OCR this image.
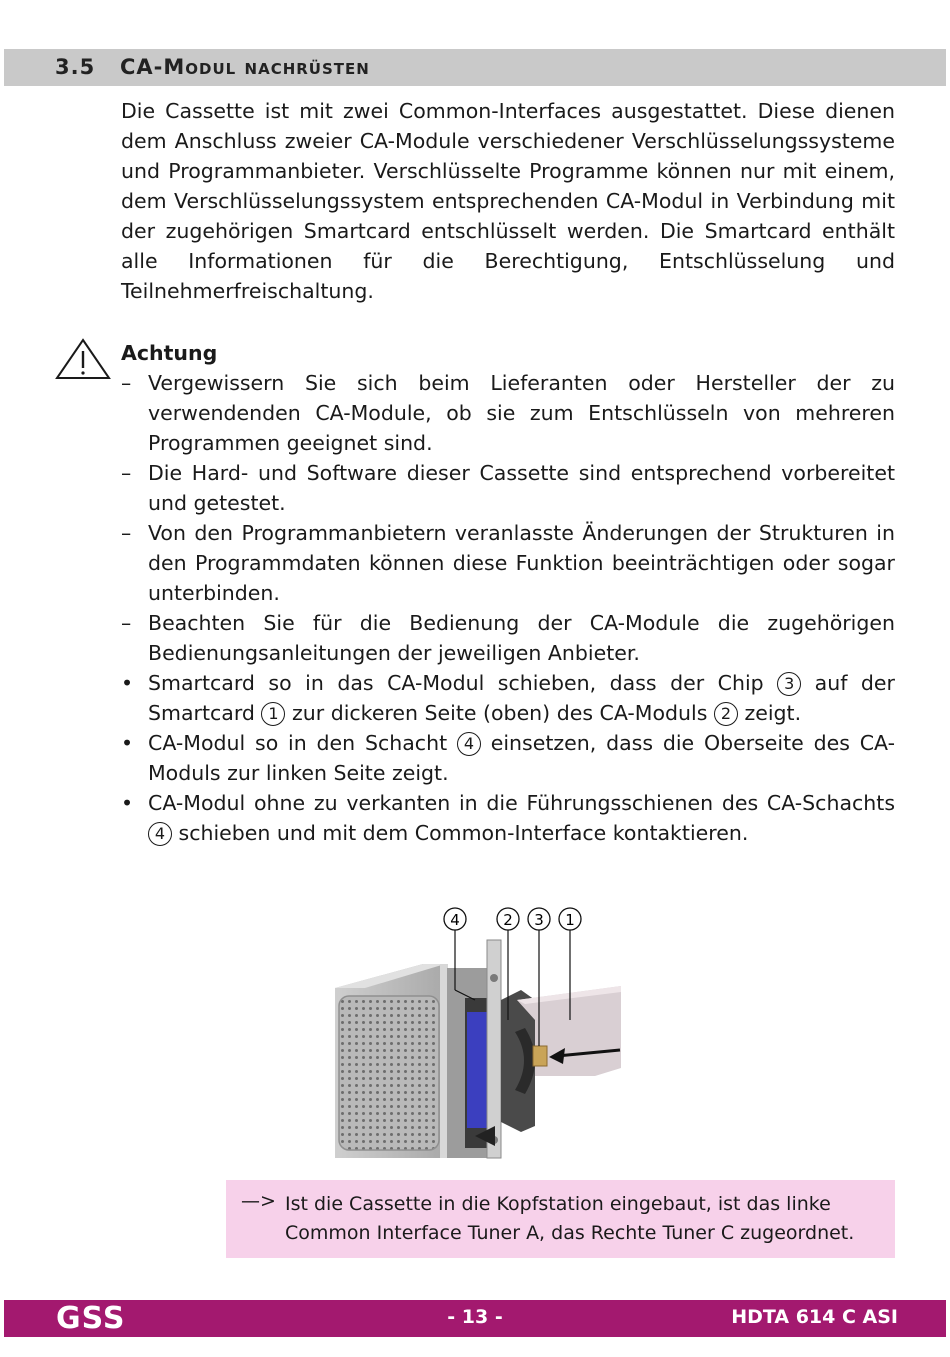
3.5 CA-Modul nachrüsten

Die Cassette ist mit zwei Common-Interfaces ausgestattet. Diese dienen dem Anschluss zweier CA-Module verschiedener Verschlüsselungssysteme und Programmanbieter. Verschlüsselte Programme können nur mit einem, dem Verschlüsselungssystem entsprechenden CA-Modul in Verbindung mit der zugehörigen Smartcard entschlüsselt werden. Die Smartcard enthält alle Informationen für die Berechtigung, Entschlüsselung und Teilnehmerfreischaltung.

Achtung
– Vergewissern Sie sich beim Lieferanten oder Hersteller der zu verwendenden CA-Module, ob sie zum Entschlüsseln von mehreren Programmen geeignet sind.
– Die Hard- und Software dieser Cassette sind entsprechend vorbereitet und getestet.
– Von den Programmanbietern veranlasste Änderungen der Strukturen in den Programmdaten können diese Funktion beeinträchtigen oder sogar unterbinden.
– Beachten Sie für die Bedienung der CA-Module die zugehörigen Bedienungsanleitungen der jeweiligen Anbieter.
• Smartcard so in das CA-Modul schieben, dass der Chip 3 auf der Smartcard 1 zur dickeren Seite (oben) des CA-Moduls 2 zeigt.
• CA-Modul so in den Schacht 4 einsetzen, dass die Oberseite des CA-Moduls zur linken Seite zeigt.
• CA-Modul ohne zu verkanten in die Führungsschienen des CA-Schachts 4 schieben und mit dem Common-Interface kontaktieren.
4	2 3 1
—> Ist die Cassette in die Kopfstation eingebaut, ist das linke Common Interface Tuner A, das Rechte Tuner C zugeordnet.
- 13 -
GSS	HDTA 614 C ASI
